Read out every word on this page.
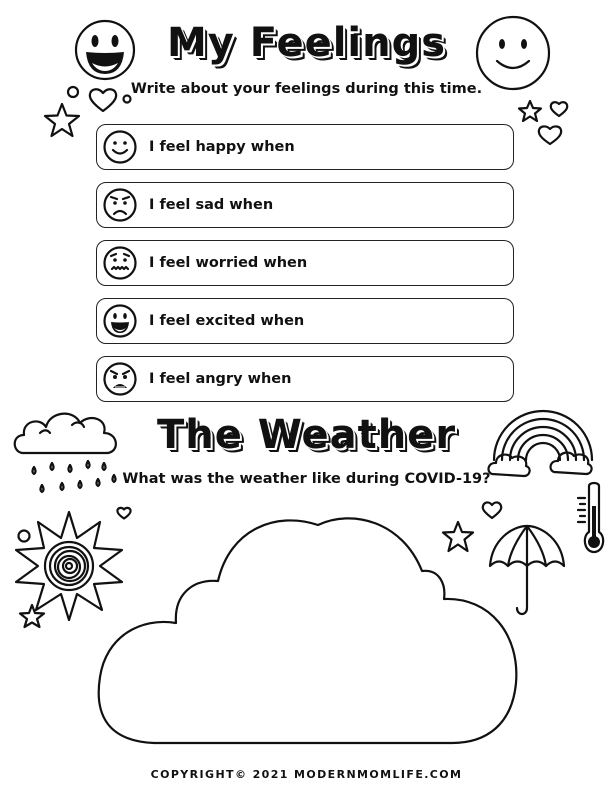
My Feelings
Write about your feelings during this time.
I feel happy when
I feel sad when
I feel worried when
I feel excited when
I feel angry when
The Weather
What was the weather like during COVID-19?
COPYRIGHT© 2021 MODERNMOMLIFE.COM
